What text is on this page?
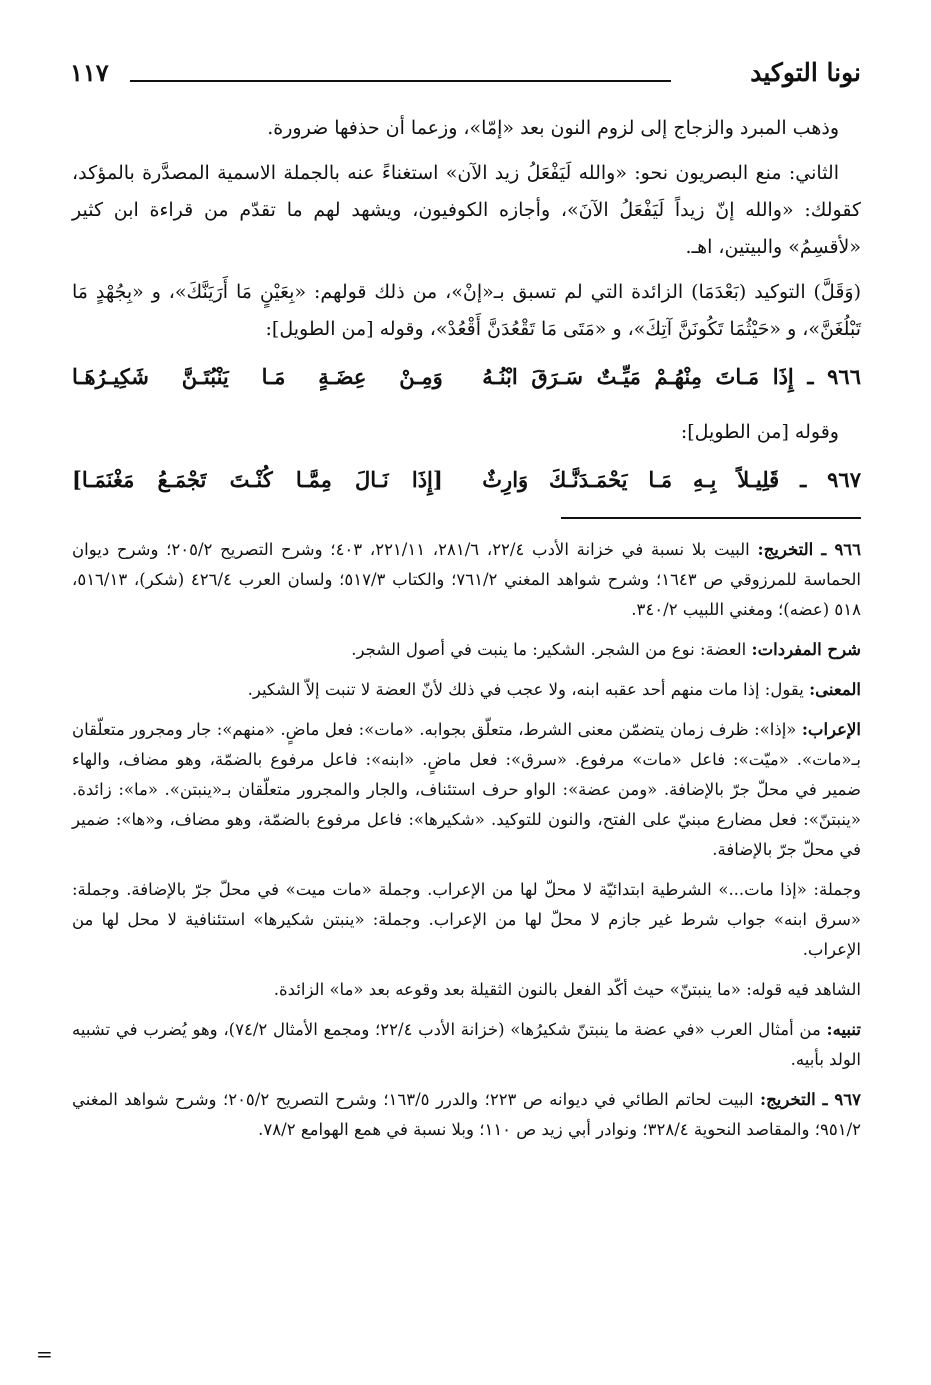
نونا التوكيد
١١٧

وذهب المبرد والزجاج إلى لزوم النون بعد «إمّا»، وزعما أن حذفها ضرورة.

الثاني: منع البصريون نحو: «والله لَيَفْعَلُ زيد الآن» استغناءً عنه بالجملة الاسمية المصدَّرة بالمؤكد، كقولك: «والله إنّ زيداً لَيَفْعَلُ الآنَ»، وأجازه الكوفيون، ويشهد لهم ما تقدّم من قراءة ابن كثير «لأقسِمُ» والبيتين، اهـ.

(وَقَلَّ) التوكيد (بَعْدَمَا) الزائدة التي لم تسبق بـ«إنْ»، من ذلك قولهم: «بِعَيْنٍ مَا أَرَيَنَّكَ»، و «بِجُهْدٍ مَا تَبْلُغَنَّ»، و «حَيْثُمَا تَكُونَنَّ آتِكَ»، و «مَتَى مَا تَقْعُدَنَّ أَقْعُدْ»، وقوله [من الطويل]:

٩٦٦ ـ إِذَا مَـاتَ مِنْهُـمْ مَيِّـتٌ سَـرَقَ ابْنُـهُ
وَمِـنْ عِضَـةٍ مَـا يَنْبُتَـنَّ شَكِيـرُهَـا

وقوله [من الطويل]:

٩٦٧ ـ قَلِيـلاً بِـهِ مَـا يَحْمَـدَنَّـكَ وَارِثٌ
[إِذَا نَـالَ مِمَّـا كُنْـتَ تَجْمَـعُ مَغْنَمَـا]

٩٦٦ ـ التخريج: البيت بلا نسبة في خزانة الأدب ٢٢/٤، ٢٨١/٦، ٢٢١/١١، ٤٠٣؛ وشرح التصريح ٢٠٥/٢؛ وشرح ديوان الحماسة للمرزوقي ص ١٦٤٣؛ وشرح شواهد المغني ٧٦١/٢؛ والكتاب ٥١٧/٣؛ ولسان العرب ٤٢٦/٤ (شكر)، ٥١٦/١٣، ٥١٨ (عضه)؛ ومغني اللبيب ٣٤٠/٢.

شرح المفردات: العضة: نوع من الشجر. الشكير: ما ينبت في أصول الشجر.

المعنى: يقول: إذا مات منهم أحد عقبه ابنه، ولا عجب في ذلك لأنّ العضة لا تنبت إلاّ الشكير.

الإعراب: «إذا»: ظرف زمان يتضمّن معنى الشرط، متعلّق بجوابه. «مات»: فعل ماضٍ. «منهم»: جار ومجرور متعلّقان بـ«مات». «ميّت»: فاعل «مات» مرفوع. «سرق»: فعل ماضٍ. «ابنه»: فاعل مرفوع بالضمّة، وهو مضاف، والهاء ضمير في محلّ جرّ بالإضافة. «ومن عضة»: الواو حرف استئناف، والجار والمجرور متعلّقان بـ«ينبتن». «ما»: زائدة. «ينبتنّ»: فعل مضارع مبنيّ على الفتح، والنون للتوكيد. «شكيرها»: فاعل مرفوع بالضمّة، وهو مضاف، و«ها»: ضمير في محلّ جرّ بالإضافة.

وجملة: «إذا مات...» الشرطية ابتدائيّة لا محلّ لها من الإعراب. وجملة «مات ميت» في محلّ جرّ بالإضافة. وجملة: «سرق ابنه» جواب شرط غير جازم لا محلّ لها من الإعراب. وجملة: «ينبتن شكيرها» استئنافية لا محل لها من الإعراب.

الشاهد فيه قوله: «ما ينبتنّ» حيث أكّد الفعل بالنون الثقيلة بعد وقوعه بعد «ما» الزائدة.

تنبيه: من أمثال العرب «في عضة ما ينبتنّ شكيرُها» (خزانة الأدب ٢٢/٤؛ ومجمع الأمثال ٧٤/٢)، وهو يُضرب في تشبيه الولد بأبيه.

٩٦٧ ـ التخريج: البيت لحاتم الطائي في ديوانه ص ٢٢٣؛ والدرر ١٦٣/٥؛ وشرح التصريح ٢٠٥/٢؛ وشرح شواهد المغني ٩٥١/٢؛ والمقاصد النحوية ٣٢٨/٤؛ ونوادر أبي زيد ص ١١٠؛ وبلا نسبة في همع الهوامع ٧٨/٢.

=
